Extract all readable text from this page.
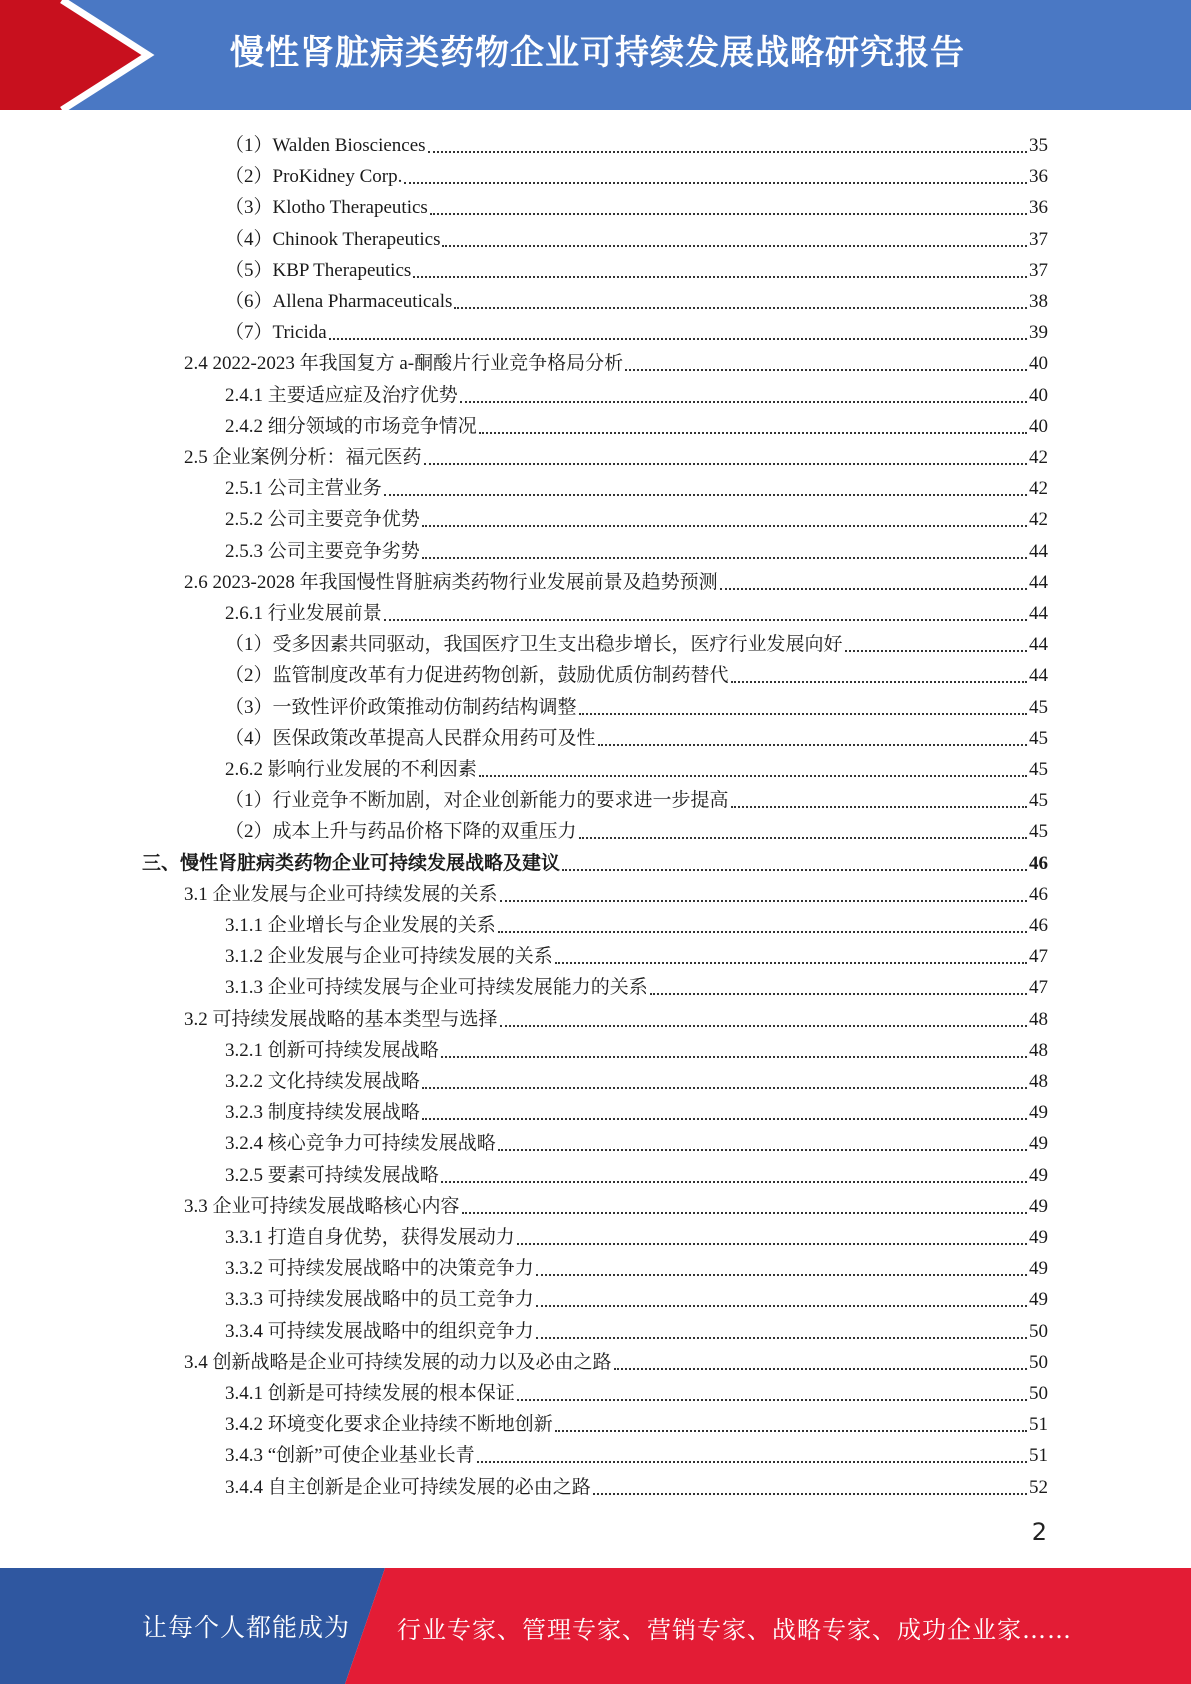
慢性肾脏病类药物企业可持续发展战略研究报告
（1）Walden Biosciences	35
（2）ProKidney Corp.	36
（3）Klotho Therapeutics	36
（4）Chinook Therapeutics	37
（5）KBP Therapeutics	37
（6）Allena Pharmaceuticals	38
（7）Tricida	39
2.4 2022-2023 年我国复方 a-酮酸片行业竞争格局分析	40
2.4.1 主要适应症及治疗优势	40
2.4.2 细分领域的市场竞争情况	40
2.5 企业案例分析：福元医药	42
2.5.1 公司主营业务	42
2.5.2 公司主要竞争优势	42
2.5.3 公司主要竞争劣势	44
2.6 2023-2028 年我国慢性肾脏病类药物行业发展前景及趋势预测	44
2.6.1 行业发展前景	44
（1）受多因素共同驱动，我国医疗卫生支出稳步增长，医疗行业发展向好	44
（2）监管制度改革有力促进药物创新，鼓励优质仿制药替代	44
（3）一致性评价政策推动仿制药结构调整	45
（4）医保政策改革提高人民群众用药可及性	45
2.6.2 影响行业发展的不利因素	45
（1）行业竞争不断加剧，对企业创新能力的要求进一步提高	45
（2）成本上升与药品价格下降的双重压力	45
三、慢性肾脏病类药物企业可持续发展战略及建议	46
3.1 企业发展与企业可持续发展的关系	46
3.1.1 企业增长与企业发展的关系	46
3.1.2 企业发展与企业可持续发展的关系	47
3.1.3 企业可持续发展与企业可持续发展能力的关系	47
3.2 可持续发展战略的基本类型与选择	48
3.2.1 创新可持续发展战略	48
3.2.2 文化持续发展战略	48
3.2.3 制度持续发展战略	49
3.2.4 核心竞争力可持续发展战略	49
3.2.5 要素可持续发展战略	49
3.3 企业可持续发展战略核心内容	49
3.3.1 打造自身优势，获得发展动力	49
3.3.2 可持续发展战略中的决策竞争力	49
3.3.3 可持续发展战略中的员工竞争力	49
3.3.4 可持续发展战略中的组织竞争力	50
3.4 创新战略是企业可持续发展的动力以及必由之路	50
3.4.1 创新是可持续发展的根本保证	50
3.4.2 环境变化要求企业持续不断地创新	51
3.4.3 “创新”可使企业基业长青	51
3.4.4 自主创新是企业可持续发展的必由之路	52
2
让每个人都能成为 行业专家、管理专家、营销专家、战略专家、成功企业家……
